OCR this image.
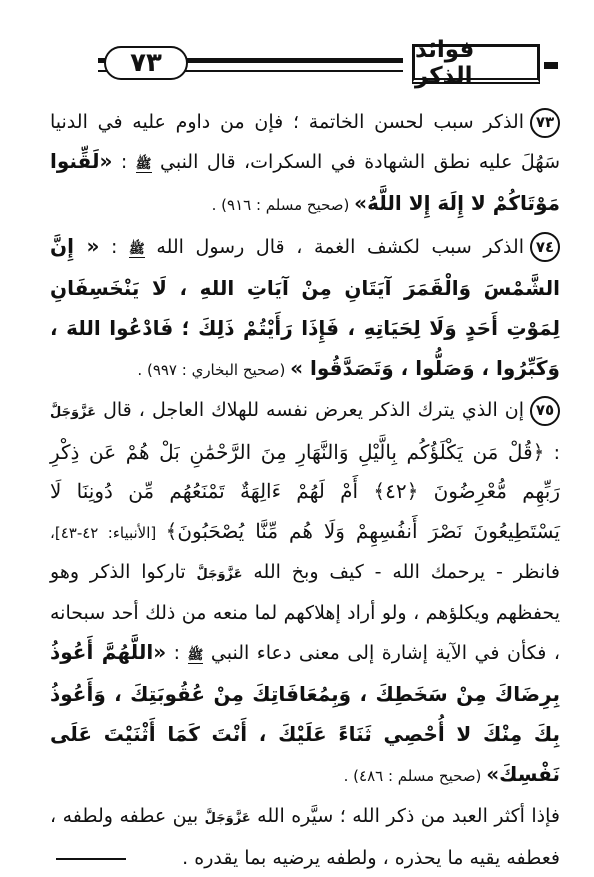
٧٣	فوائد الذكر

٧٣الذكر سبب لحسن الخاتمة ؛ فإن من داوم عليه في الدنيا سَهُلَ عليه نطق الشهادة في السكرات، قال النبي ﷺ : «لَقِّنوا مَوْتَاكُمْ لا إِلَهَ إِلا اللَّهُ» (صحيح مسلم : ٩١٦) .

٧٤الذكر سبب لكشف الغمة ، قال رسول الله ﷺ : « إِنَّ الشَّمْسَ وَالْقَمَرَ آيَتَانِ مِنْ آيَاتِ اللهِ ، لَا يَنْخَسِفَانِ لِمَوْتِ أَحَدٍ وَلَا لِحَيَاتِهِ ، فَإِذَا رَأَيْتُمْ ذَلِكَ ؛ فَادْعُوا اللهَ ، وَكَبِّرُوا ، وَصَلُّوا ، وَتَصَدَّقُوا » (صحيح البخاري : ٩٩٧) .

٧٥إن الذي يترك الذكر يعرض نفسه للهلاك العاجل ، قال عَزَّوَجَلَّ : ﴿قُلْ مَن يَكْلَؤُكُم بِالَّيْلِ وَالنَّهَارِ مِنَ الرَّحْمَٰنِ بَلْ هُمْ عَن ذِكْرِ رَبِّهِم مُّعْرِضُونَ ﴿٤٢﴾ أَمْ لَهُمْ ءَالِهَةٌ تَمْنَعُهُم مِّن دُونِنَا لَا يَسْتَطِيعُونَ نَصْرَ أَنفُسِهِمْ وَلَا هُم مِّنَّا يُصْحَبُونَ﴾ [الأنبياء: ٤٢-٤٣]، فانظر - يرحمك الله - كيف وبخ الله عَزَّوَجَلَّ تاركوا الذكر وهو يحفظهم ويكلؤهم ، ولو أراد إهلاكهم لما منعه من ذلك أحد سبحانه ، فكأن في الآية إشارة إلى معنى دعاء النبي ﷺ : «اللَّهُمَّ أَعُوذُ بِرِضَاكَ مِنْ سَخَطِكَ ، وَبِمُعَافَاتِكَ مِنْ عُقُوبَتِكَ ، وَأَعُوذُ بِكَ مِنْكَ لا أُحْصِي ثَنَاءً عَلَيْكَ ، أَنْتَ كَمَا أَثْنَيْتَ عَلَى نَفْسِكَ» (صحيح مسلم : ٤٨٦) .

فإذا أكثر العبد من ذكر الله ؛ سيَّره الله عَزَّوَجَلَّ بين عطفه ولطفه ، فعطفه يقيه ما يحذره ، ولطفه يرضيه بما يقدره .
